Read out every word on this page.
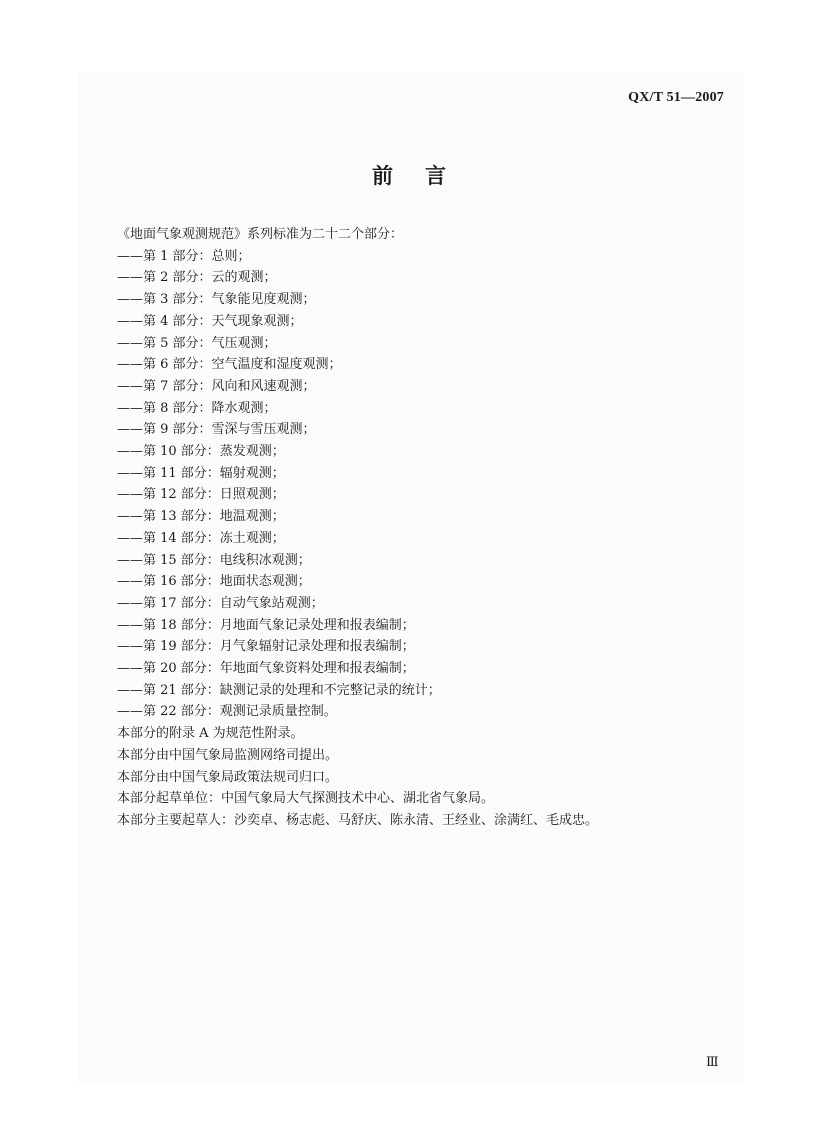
QX/T 51—2007
前言

《地面气象观测规范》系列标准为二十二个部分：

——第 1 部分：总则；

——第 2 部分：云的观测；

——第 3 部分：气象能见度观测；

——第 4 部分：天气现象观测；

——第 5 部分：气压观测；

——第 6 部分：空气温度和湿度观测；

——第 7 部分：风向和风速观测；

——第 8 部分：降水观测；

——第 9 部分：雪深与雪压观测；

——第 10 部分：蒸发观测；

——第 11 部分：辐射观测；

——第 12 部分：日照观测；

——第 13 部分：地温观测；

——第 14 部分：冻土观测；

——第 15 部分：电线积冰观测；

——第 16 部分：地面状态观测；

——第 17 部分：自动气象站观测；

——第 18 部分：月地面气象记录处理和报表编制；

——第 19 部分：月气象辐射记录处理和报表编制；

——第 20 部分：年地面气象资料处理和报表编制；

——第 21 部分：缺测记录的处理和不完整记录的统计；

——第 22 部分：观测记录质量控制。

本部分的附录 A 为规范性附录。

本部分由中国气象局监测网络司提出。

本部分由中国气象局政策法规司归口。

本部分起草单位：中国气象局大气探测技术中心、湖北省气象局。

本部分主要起草人：沙奕卓、杨志彪、马舒庆、陈永清、王经业、涂满红、毛成忠。

Ⅲ
